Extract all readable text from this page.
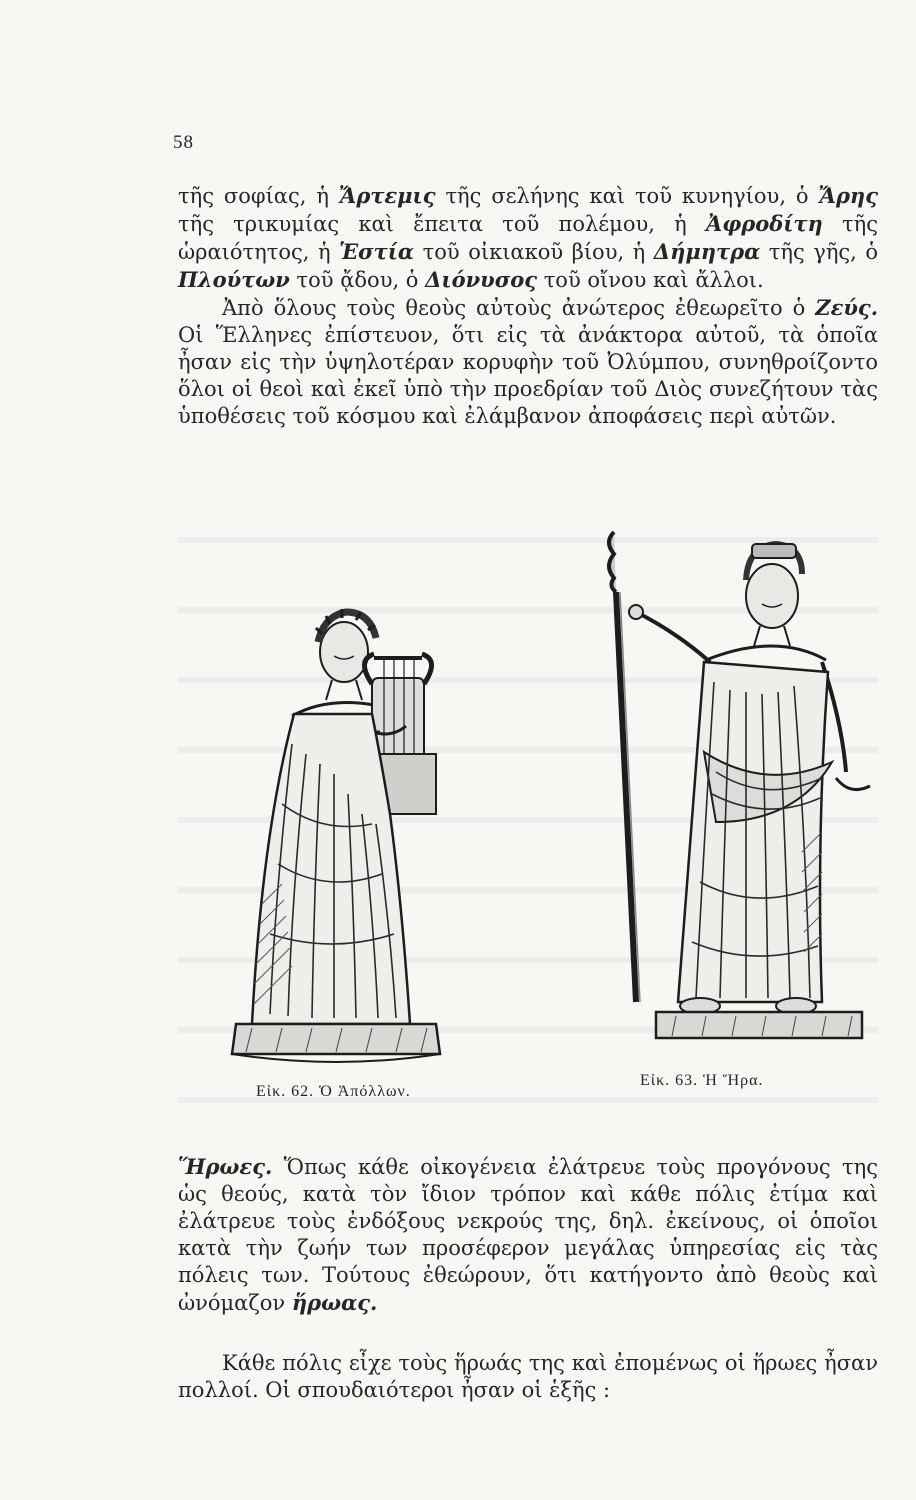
58

τῆς σοφίας, ἡ Ἄρτεμις τῆς σελήνης καὶ τοῦ κυνηγίου, ὁ Ἄρης τῆς τρικυμίας καὶ ἔπειτα τοῦ πολέμου, ἡ Ἀφροδίτη τῆς ὡραιότητος, ἡ Ἑστία τοῦ οἰκιακοῦ βίου, ἡ Δήμητρα τῆς γῆς, ὁ Πλούτων τοῦ ᾄδου, ὁ Διόνυσος τοῦ οἴνου καὶ ἄλλοι.
Ἀπὸ ὅλους τοὺς θεοὺς αὐτοὺς ἀνώτερος ἐθεωρεῖτο ὁ Ζεύς. Οἱ Ἕλληνες ἐπίστευον, ὅτι εἰς τὰ ἀνάκτορα αὐτοῦ, τὰ ὁποῖα ἦσαν εἰς τὴν ὑψηλοτέραν κορυφὴν τοῦ Ὀλύμπου, συνηθροίζοντο ὅλοι οἱ θεοὶ καὶ ἐκεῖ ὑπὸ τὴν προεδρίαν τοῦ Διὸς συνεζήτουν τὰς ὑποθέσεις τοῦ κόσμου καὶ ἐλάμβανον ἀποφάσεις περὶ αὐτῶν.

Εἰκ. 62. Ὁ Ἀπόλλων.
Εἰκ. 63. Ἡ Ἥρα.

Ἥρωες. Ὅπως κάθε οἰκογένεια ἐλάτρευε τοὺς προγόνους της ὡς θεούς, κατὰ τὸν ἴδιον τρόπον καὶ κάθε πόλις ἐτίμα καὶ ἐλάτρευε τοὺς ἐνδόξους νεκρούς της, δηλ. ἐκείνους, οἱ ὁποῖοι κατὰ τὴν ζωήν των προσέφερον μεγάλας ὑπηρεσίας εἰς τὰς πόλεις των. Τούτους ἐθεώρουν, ὅτι κατήγοντο ἀπὸ θεοὺς καὶ ὠνόμαζον ἥρωας.

Κάθε πόλις εἶχε τοὺς ἥρωάς της καὶ ἐπομένως οἱ ἥρωες ἦσαν πολλοί. Οἱ σπουδαιότεροι ἦσαν οἱ ἑξῆς :
